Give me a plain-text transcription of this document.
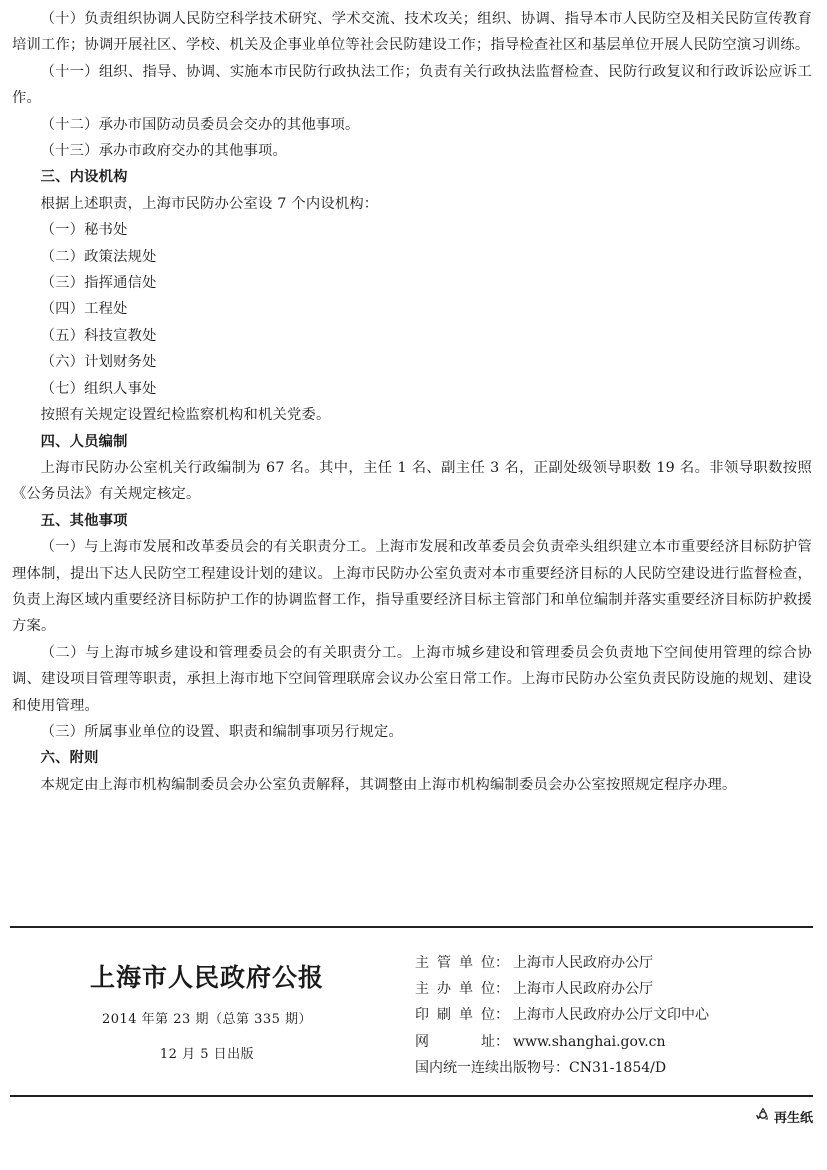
（十）负责组织协调人民防空科学技术研究、学术交流、技术攻关；组织、协调、指导本市人民防空及相关民防宣传教育培训工作；协调开展社区、学校、机关及企事业单位等社会民防建设工作；指导检查社区和基层单位开展人民防空演习训练。

（十一）组织、指导、协调、实施本市民防行政执法工作；负责有关行政执法监督检查、民防行政复议和行政诉讼应诉工作。

（十二）承办市国防动员委员会交办的其他事项。

（十三）承办市政府交办的其他事项。

三、内设机构

根据上述职责，上海市民防办公室设 7 个内设机构：

（一）秘书处

（二）政策法规处

（三）指挥通信处

（四）工程处

（五）科技宣教处

（六）计划财务处

（七）组织人事处

按照有关规定设置纪检监察机构和机关党委。

四、人员编制

上海市民防办公室机关行政编制为 67 名。其中，主任 1 名、副主任 3 名，正副处级领导职数 19 名。非领导职数按照《公务员法》有关规定核定。

五、其他事项

（一）与上海市发展和改革委员会的有关职责分工。上海市发展和改革委员会负责牵头组织建立本市重要经济目标防护管理体制，提出下达人民防空工程建设计划的建议。上海市民防办公室负责对本市重要经济目标的人民防空建设进行监督检查，负责上海区域内重要经济目标防护工作的协调监督工作，指导重要经济目标主管部门和单位编制并落实重要经济目标防护救援方案。

（二）与上海市城乡建设和管理委员会的有关职责分工。上海市城乡建设和管理委员会负责地下空间使用管理的综合协调、建设项目管理等职责，承担上海市地下空间管理联席会议办公室日常工作。上海市民防办公室负责民防设施的规划、建设和使用管理。

（三）所属事业单位的设置、职责和编制事项另行规定。

六、附则

本规定由上海市机构编制委员会办公室负责解释，其调整由上海市机构编制委员会办公室按照规定程序办理。

上海市人民政府公报
2014 年第 23 期（总第 335 期）
12 月 5 日出版
主管单位 ： 上海市人民政府办公厅
主办单位 ： 上海市人民政府办公厅
印刷单位 ： 上海市人民政府办公厅文印中心
网址 ： www.shanghai.gov.cn
国内统一连续出版物号 ： CN31-1854/D
再生纸
